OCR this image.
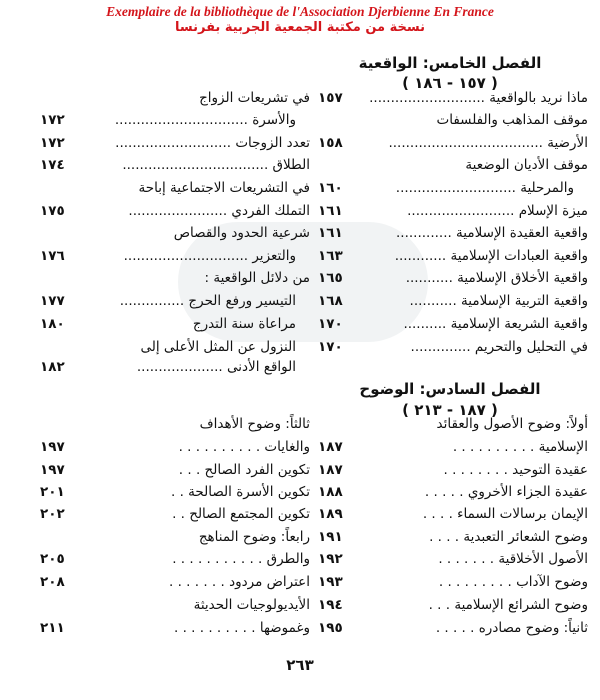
Exemplaire de la bibliothèque de l'Association Djerbienne En France
نسخة من مكتبة الجمعية الجربية بفرنسا
الفصل الخامس: الواقعية
( ١٥٧ - ١٨٦ )
ماذا نريد بالواقعية ...........................
١٥٧
موقف المذاهب والفلسفات
الأرضية ....................................
١٥٨
موقف الأديان الوضعية
والمرحلية ............................
١٦٠
ميزة الإسلام .........................
١٦١
واقعية العقيدة الإسلامية .............
١٦١
واقعية العبادات الإسلامية ............
١٦٣
واقعية الأخلاق الإسلامية ...........
١٦٥
واقعية التربية الإسلامية ...........
١٦٨
واقعية الشريعة الإسلامية ..........
١٧٠
في التحليل والتحريم ..............
١٧٠
في تشريعات الزواج
والأسرة ...............................
١٧٢
تعدد الزوجات ...........................
١٧٢
الطلاق ..................................
١٧٤
في التشريعات الاجتماعية إباحة
التملك الفردي .......................
١٧٥
شرعية الحدود والقصاص
والتعزير .............................
١٧٦
من دلائل الواقعية :
التيسير ورفع الحرج ...............
١٧٧
مراعاة سنة التدرج
١٨٠
النزول عن المثل الأعلى إلى
الواقع الأدنى ....................
١٨٢
الفصل السادس: الوضوح
( ١٨٧ - ٢١٣ )
أولاً: وضوح الأصول والعقائد
الإسلامية . . . . . . . . . .
١٨٧
عقيدة التوحيد . . . . . . . .
١٨٧
عقيدة الجزاء الأخروي . . . . .
١٨٨
الإيمان برسالات السماء . . . .
١٨٩
وضوح الشعائر التعبدية . . . .
١٩١
الأصول الأخلاقية . . . . . . .
١٩٢
وضوح الآداب . . . . . . . . .
١٩٣
وضوح الشرائع الإسلامية . . .
١٩٤
ثانياً: وضوح مصادره . . . . .
١٩٥
ثالثاً: وضوح الأهداف
والغايات . . . . . . . . . .
١٩٧
تكوين الفرد الصالح . . .
١٩٧
تكوين الأسرة الصالحة . .
٢٠١
تكوين المجتمع الصالح . .
٢٠٢
رابعاً: وضوح المناهج
والطرق . . . . . . . . . . .
٢٠٥
اعتراض مردود . . . . . . .
٢٠٨
الأيديولوجيات الحديثة
وغموضها . . . . . . . . . .
٢١١
٢٦٣
